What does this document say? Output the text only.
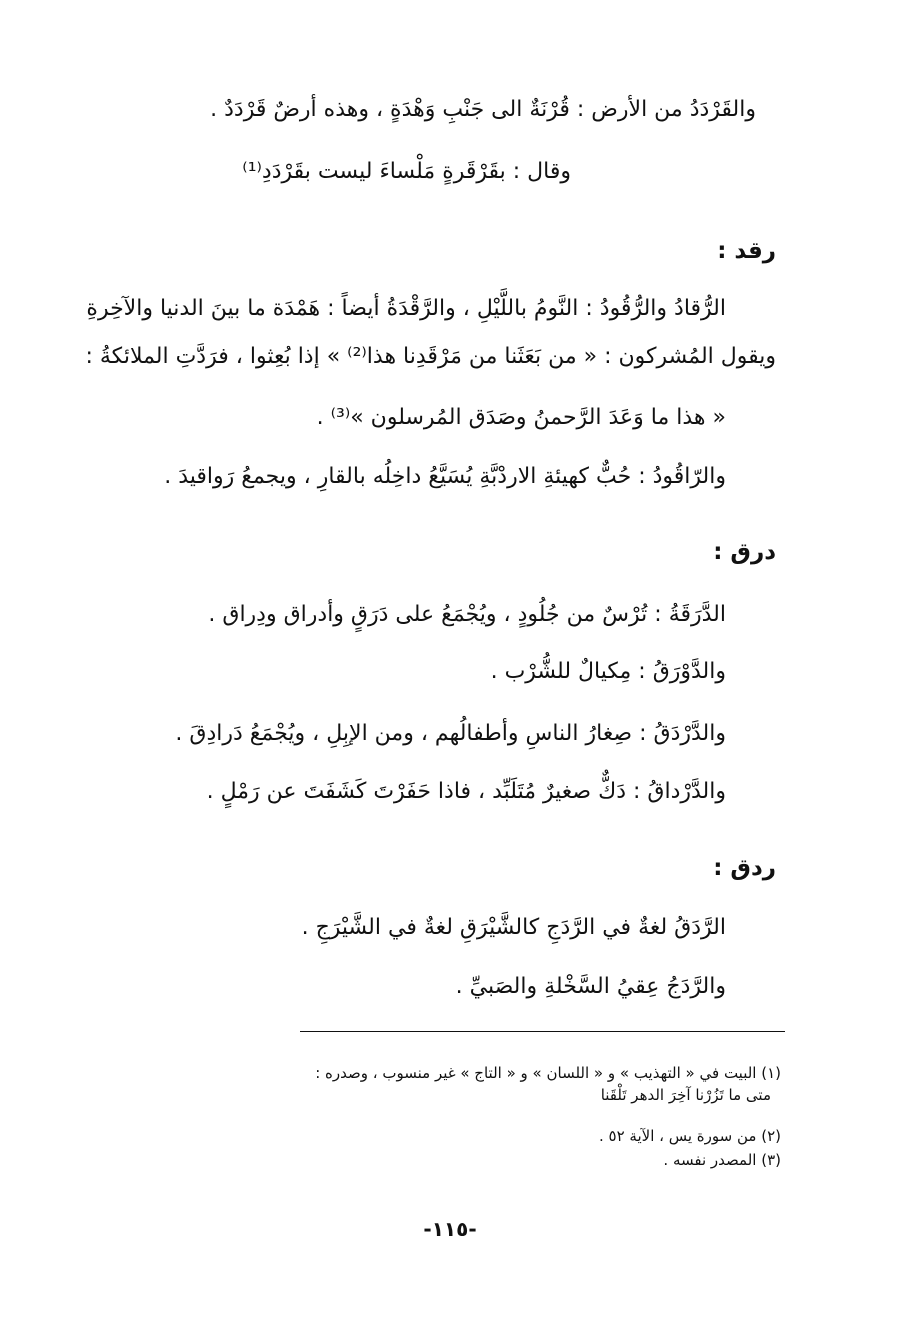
والقَرْدَدُ من الأرض : قُرْنَةٌ الى جَنْبِ وَهْدَةٍ ، وهذه أرضٌ قَرْدَدٌ .
وقال : بقَرْقَرةٍ مَلْساءَ ليست بقَرْدَدِ⁽¹⁾
رقد :
الرُّقادُ والرُّقُودُ : النَّومُ باللَّيْلِ ، والرَّقْدَةُ أيضاً : هَمْدَة ما بينَ الدنيا والآخِرةِ
ويقول المُشركون : « من بَعَثَنا من مَرْقَدِنا هذا⁽²⁾ » إذا بُعِثوا ، فرَدَّتِ الملائكةُ :
« هذا ما وَعَدَ الرَّحمنُ وصَدَق المُرسلون »⁽³⁾ .
والرّاقُودُ : حُبٌّ كهيئةِ الاردْبَّةِ يُسَيَّعُ داخِلُه بالقارِ ، ويجمعُ رَواقيدَ .
درق :
الدَّرَقَةُ : تُرْسٌ من جُلُودٍ ، ويُجْمَعُ على دَرَقٍ وأدراق ودِراق .
والدَّوْرَقُ : مِكيالٌ للشُّرْب .
والدَّرْدَقُ : صِغارُ الناسِ وأطفالُهم ، ومن الإبِلِ ، ويُجْمَعُ دَرادِقَ .
والدَّرْداقُ : دَكٌّ صغيرٌ مُتَلَبِّد ، فاذا حَفَرْتَ كَشَفَتَ عن رَمْلٍ .
ردق :
الرَّدَقُ لغةٌ في الرَّدَجِ كالشَّيْرَقِ لغةٌ في الشَّيْرَجِ .
والرَّدَجُ عِقيُ السَّخْلةِ والصَبيِّ .
(١) البيت في « التهذيب » و « اللسان » و « التاج » غير منسوب ، وصدره :
متى ما تَزُرْنا آخِرَ الدهر تَلْقَنا
(٢) من سورة يس ، الآية ٥٢ .
(٣) المصدر نفسه .
-١١٥-
